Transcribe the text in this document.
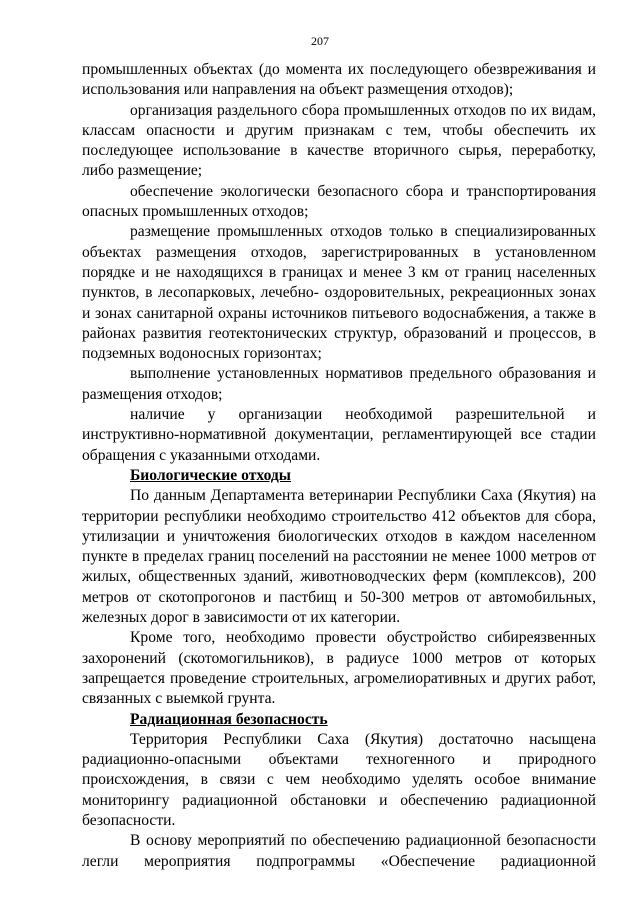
207

промышленных объектах (до момента их последующего обезвреживания и использования или направления на объект размещения отходов);

организация раздельного сбора промышленных отходов по их видам, классам опасности и другим признакам с тем, чтобы обеспечить их последующее использование в качестве вторичного сырья, переработку, либо размещение;

обеспечение экологически безопасного сбора и транспортирования опасных промышленных отходов;

размещение промышленных отходов только в специализированных объектах размещения отходов, зарегистрированных в установленном порядке и не находящихся в границах и менее 3 км от границ населенных пунктов, в лесопарковых, лечебно- оздоровительных, рекреационных зонах и зонах санитарной охраны источников питьевого водоснабжения, а также в районах развития геотектонических структур, образований и процессов, в подземных водоносных горизонтах;

выполнение установленных нормативов предельного образования и размещения отходов;

наличие у организации необходимой разрешительной и инструктивно-нормативной документации, регламентирующей все стадии обращения с указанными отходами.

Биологические отходы

По данным Департамента ветеринарии Республики Саха (Якутия) на территории республики необходимо строительство 412 объектов для сбора, утилизации и уничтожения биологических отходов в каждом населенном пункте в пределах границ поселений на расстоянии не менее 1000 метров от жилых, общественных зданий, животноводческих ферм (комплексов), 200 метров от скотопрогонов и пастбищ и 50-300 метров от автомобильных, железных дорог в зависимости от их категории.

Кроме того, необходимо провести обустройство сибиреязвенных захоронений (скотомогильников), в радиусе 1000 метров от которых запрещается проведение строительных, агромелиоративных и других работ, связанных с выемкой грунта.

Радиационная безопасность

Территория Республики Саха (Якутия) достаточно насыщена радиационно-опасными объектами техногенного и природного происхождения, в связи с чем необходимо уделять особое внимание мониторингу радиационной обстановки и обеспечению радиационной безопасности.

В основу мероприятий по обеспечению радиационной безопасности легли мероприятия подпрограммы «Обеспечение радиационной
